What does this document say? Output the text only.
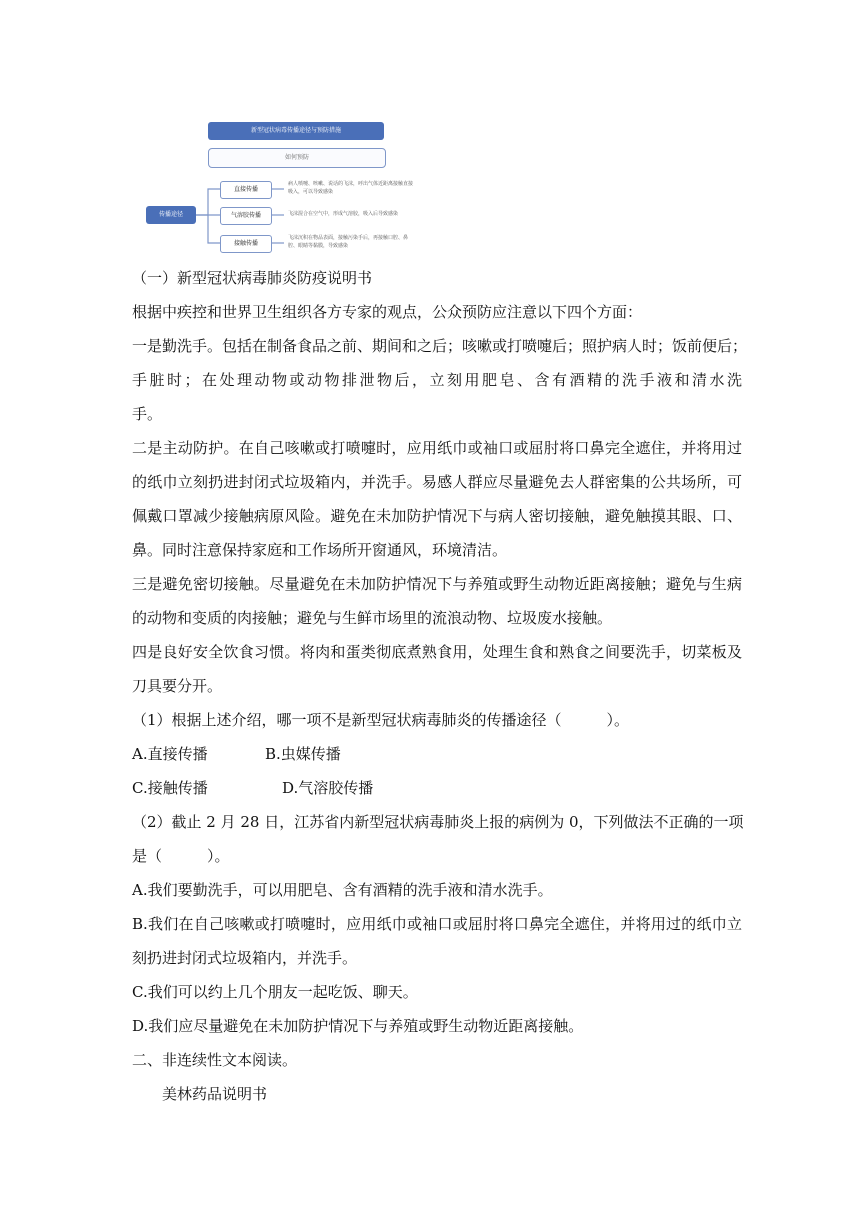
新型冠状病毒传播途径与预防措施
如何预防
传播途径
直接传播
气溶胶传播
接触传播
病人喷嚏、咳嗽、说话的飞沫，呼出气体近距离接触直接吸入，可以导致感染
飞沫混合在空气中，形成气溶胶，吸入后导致感染
飞沫沉积在物品表面，接触污染手后，再接触口腔、鼻腔、眼睛等黏膜，导致感染
（一）新型冠状病毒肺炎防疫说明书
根据中疾控和世界卫生组织各方专家的观点，公众预防应注意以下四个方面：
一是勤洗手。包括在制备食品之前、期间和之后；咳嗽或打喷嚏后；照护病人时；饭前便后；
手脏时；在处理动物或动物排泄物后，立刻用肥皂、含有酒精的洗手液和清水洗
手。
二是主动防护。在自己咳嗽或打喷嚏时，应用纸巾或袖口或屈肘将口鼻完全遮住，并将用过
的纸巾立刻扔进封闭式垃圾箱内，并洗手。易感人群应尽量避免去人群密集的公共场所，可
佩戴口罩减少接触病原风险。避免在未加防护情况下与病人密切接触，避免触摸其眼、口、
鼻。同时注意保持家庭和工作场所开窗通风，环境清洁。
三是避免密切接触。尽量避免在未加防护情况下与养殖或野生动物近距离接触；避免与生病
的动物和变质的肉接触；避免与生鲜市场里的流浪动物、垃圾废水接触。
四是良好安全饮食习惯。将肉和蛋类彻底煮熟食用，处理生食和熟食之间要洗手，切菜板及
刀具要分开。
（1）根据上述介绍，哪一项不是新型冠状病毒肺炎的传播途径（　　　）。
A.直接传播	B.虫媒传播
C.接触传播	D.气溶胶传播
（2）截止 2 月 28 日，江苏省内新型冠状病毒肺炎上报的病例为 0，下列做法不正确的一项
是（　　　）。
A.我们要勤洗手，可以用肥皂、含有酒精的洗手液和清水洗手。
B.我们在自己咳嗽或打喷嚏时，应用纸巾或袖口或屈肘将口鼻完全遮住，并将用过的纸巾立
刻扔进封闭式垃圾箱内，并洗手。
C.我们可以约上几个朋友一起吃饭、聊天。
D.我们应尽量避免在未加防护情况下与养殖或野生动物近距离接触。
二、非连续性文本阅读。
美林药品说明书
